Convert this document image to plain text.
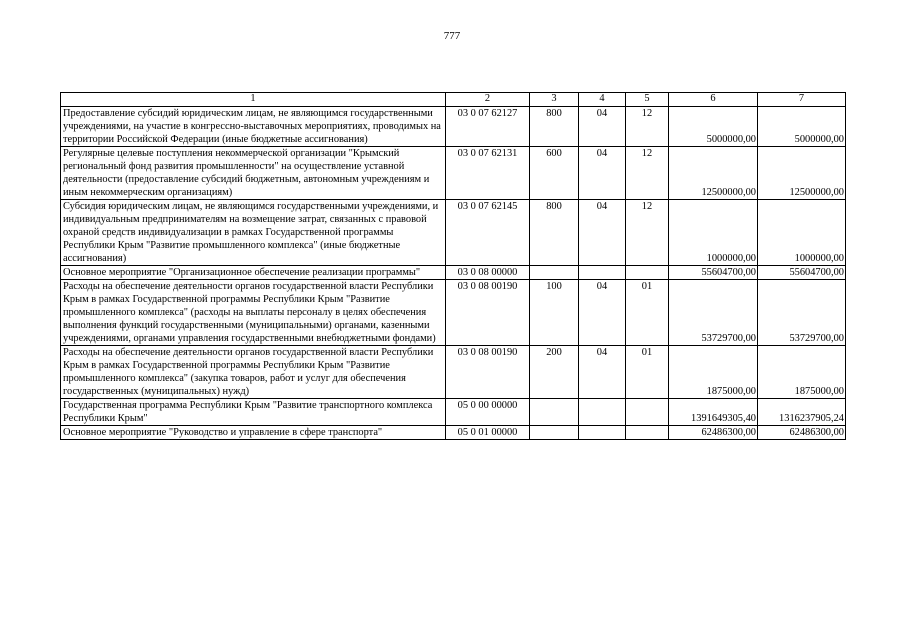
777
1	2	3	4	5	6	7
Предоставление субсидий юридическим лицам, не являющимся государственными учреждениями, на участие в конгрессно-выставочных мероприятиях, проводимых на территории Российской Федерации (иные бюджетные ассигнования)	03 0 07 62127	800	04	12	5000000,00	5000000,00
Регулярные целевые поступления некоммерческой организации "Крымский региональный фонд развития промышленности" на осуществление уставной деятельности (предоставление субсидий бюджетным, автономным учреждениям и иным некоммерческим организациям)	03 0 07 62131	600	04	12	12500000,00	12500000,00
Субсидия юридическим лицам, не являющимся государственными учреждениями, и индивидуальным предпринимателям на возмещение затрат, связанных с правовой охраной средств индивидуализации в рамках Государственной программы Республики Крым "Развитие промышленного комплекса" (иные бюджетные ассигнования)	03 0 07 62145	800	04	12	1000000,00	1000000,00
Основное мероприятие "Организационное обеспечение реализации программы"	03 0 08 00000				55604700,00	55604700,00
Расходы на обеспечение деятельности органов государственной власти Республики Крым в рамках Государственной программы Республики Крым "Развитие промышленного комплекса" (расходы на выплаты персоналу в целях обеспечения выполнения функций государственными (муниципальными) органами, казенными учреждениями, органами управления государственными внебюджетными фондами)	03 0 08 00190	100	04	01	53729700,00	53729700,00
Расходы на обеспечение деятельности органов государственной власти Республики Крым в рамках Государственной программы Республики Крым "Развитие промышленного комплекса" (закупка товаров, работ и услуг для обеспечения государственных (муниципальных) нужд)	03 0 08 00190	200	04	01	1875000,00	1875000,00
Государственная программа Республики Крым "Развитие транспортного комплекса Республики Крым"	05 0 00 00000				1391649305,40	1316237905,24
Основное мероприятие "Руководство и управление в сфере транспорта"	05 0 01 00000				62486300,00	62486300,00
